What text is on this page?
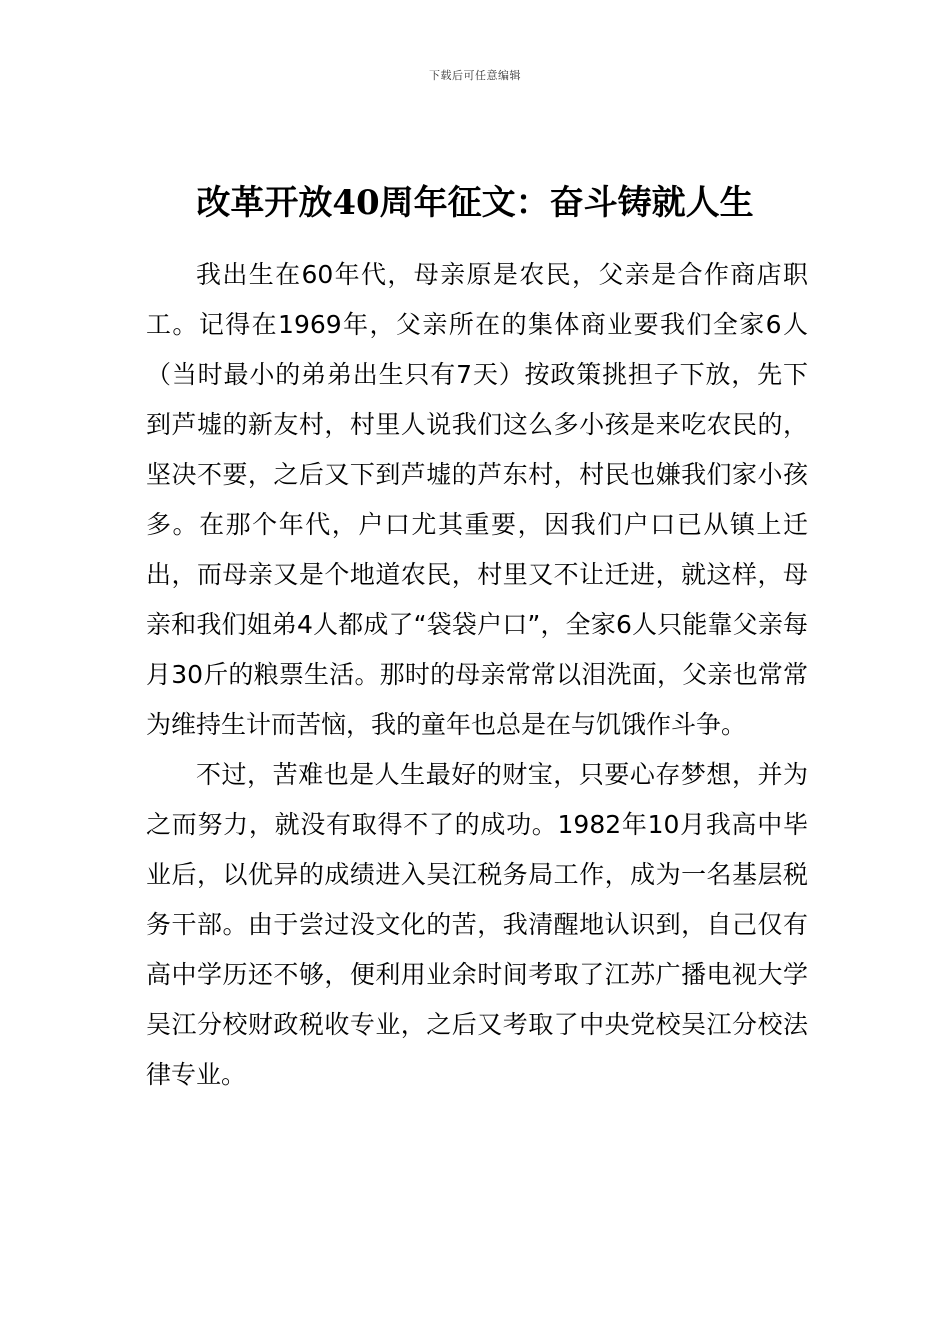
下载后可任意编辑
改革开放40周年征文：奋斗铸就人生

我出生在60年代，母亲原是农民，父亲是合作商店职工。记得在1969年，父亲所在的集体商业要我们全家6人（当时最小的弟弟出生只有7天）按政策挑担子下放，先下到芦墟的新友村，村里人说我们这么多小孩是来吃农民的，坚决不要，之后又下到芦墟的芦东村，村民也嫌我们家小孩多。在那个年代，户口尤其重要，因我们户口已从镇上迁出，而母亲又是个地道农民，村里又不让迁进，就这样，母亲和我们姐弟4人都成了“袋袋户口”，全家6人只能靠父亲每月30斤的粮票生活。那时的母亲常常以泪洗面，父亲也常常为维持生计而苦恼，我的童年也总是在与饥饿作斗争。

不过，苦难也是人生最好的财宝，只要心存梦想，并为之而努力，就没有取得不了的成功。1982年10月我高中毕业后，以优异的成绩进入吴江税务局工作，成为一名基层税务干部。由于尝过没文化的苦，我清醒地认识到，自己仅有高中学历还不够，便利用业余时间考取了江苏广播电视大学吴江分校财政税收专业，之后又考取了中央党校吴江分校法律专业。
